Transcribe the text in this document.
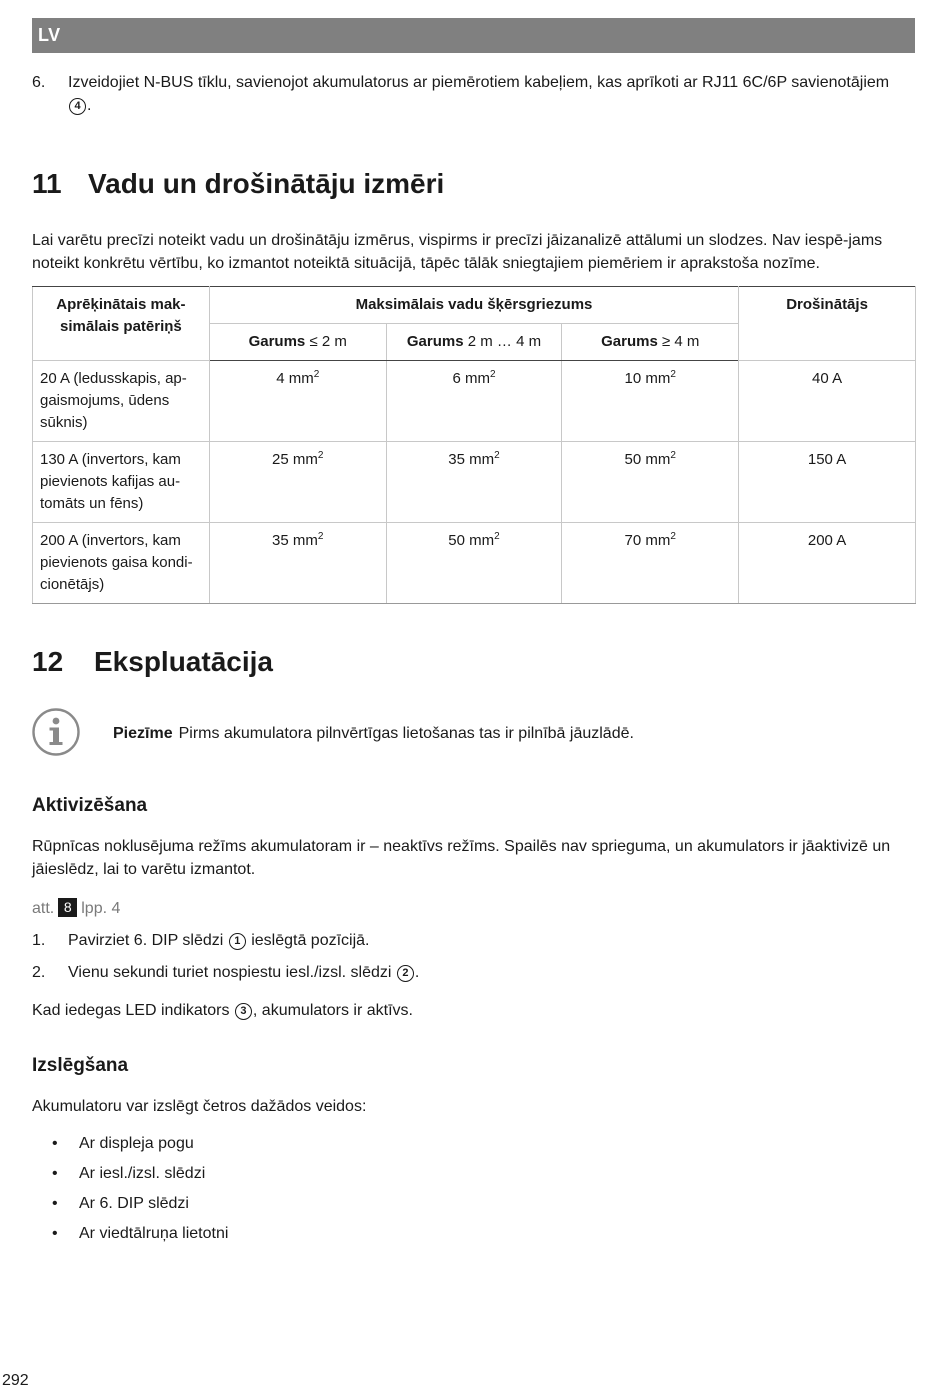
LV
6. Izveidojiet N-BUS tīklu, savienojot akumulatorus ar piemērotiem kabeļiem, kas aprīkoti ar RJ11 6C/6P savienotājiem 4 .
11 Vadu un drošinātāju izmēri

Lai varētu precīzi noteikt vadu un drošinātāju izmērus, vispirms ir precīzi jāizanalizē attālumi un slodzes. Nav iespē-jams noteikt konkrētu vērtību, ko izmantot noteiktā situācijā, tāpēc tālāk sniegtajiem piemēriem ir aprakstoša nozīme.

Aprēķinātais mak-simālais patēriņš	Maksimālais vadu šķērsgriezums			Drošinātājs
	Garums ≤ 2 m	Garums 2 m … 4 m	Garums ≥ 4 m	
20 A (ledusskapis, ap-gaismojums, ūdens sūknis)	4 $mm^2$	6 $mm^2$	10 $mm^2$	40 A
130 A (invertors, kam pievienots kafijas au-tomāts un fēns)	25 $mm^2$	35 $mm^2$	50 $mm^2$	150 A
200 A (invertors, kam pievienots gaisa kondi-cionētājs)	35 $mm^2$	50 $mm^2$	70 $mm^2$	200 A
12 Ekspluatācija
Piezīme Pirms akumulatora pilnvērtīgas lietošanas tas ir pilnībā jāuzlādē.
Aktivizēšana

Rūpnīcas noklusējuma režīms akumulatoram ir – neaktīvs režīms. Spailēs nav sprieguma, un akumulators ir jāaktivizē un jāieslēdz, lai to varētu izmantot.

att. 8 lpp. 4
1. Pavirziet 6. DIP slēdzi 1 ieslēgtā pozīcijā.
2. Vienu sekundi turiet nospiestu iesl./izsl. slēdzi 2 .
Kad iedegas LED indikators 3 , akumulators ir aktīvs.
Izslēgšana

Akumulatoru var izslēgt četros dažādos veidos:

• Ar displeja pogu
• Ar iesl./izsl. slēdzi
• Ar 6. DIP slēdzi
• Ar viedtālruņa lietotni
292
